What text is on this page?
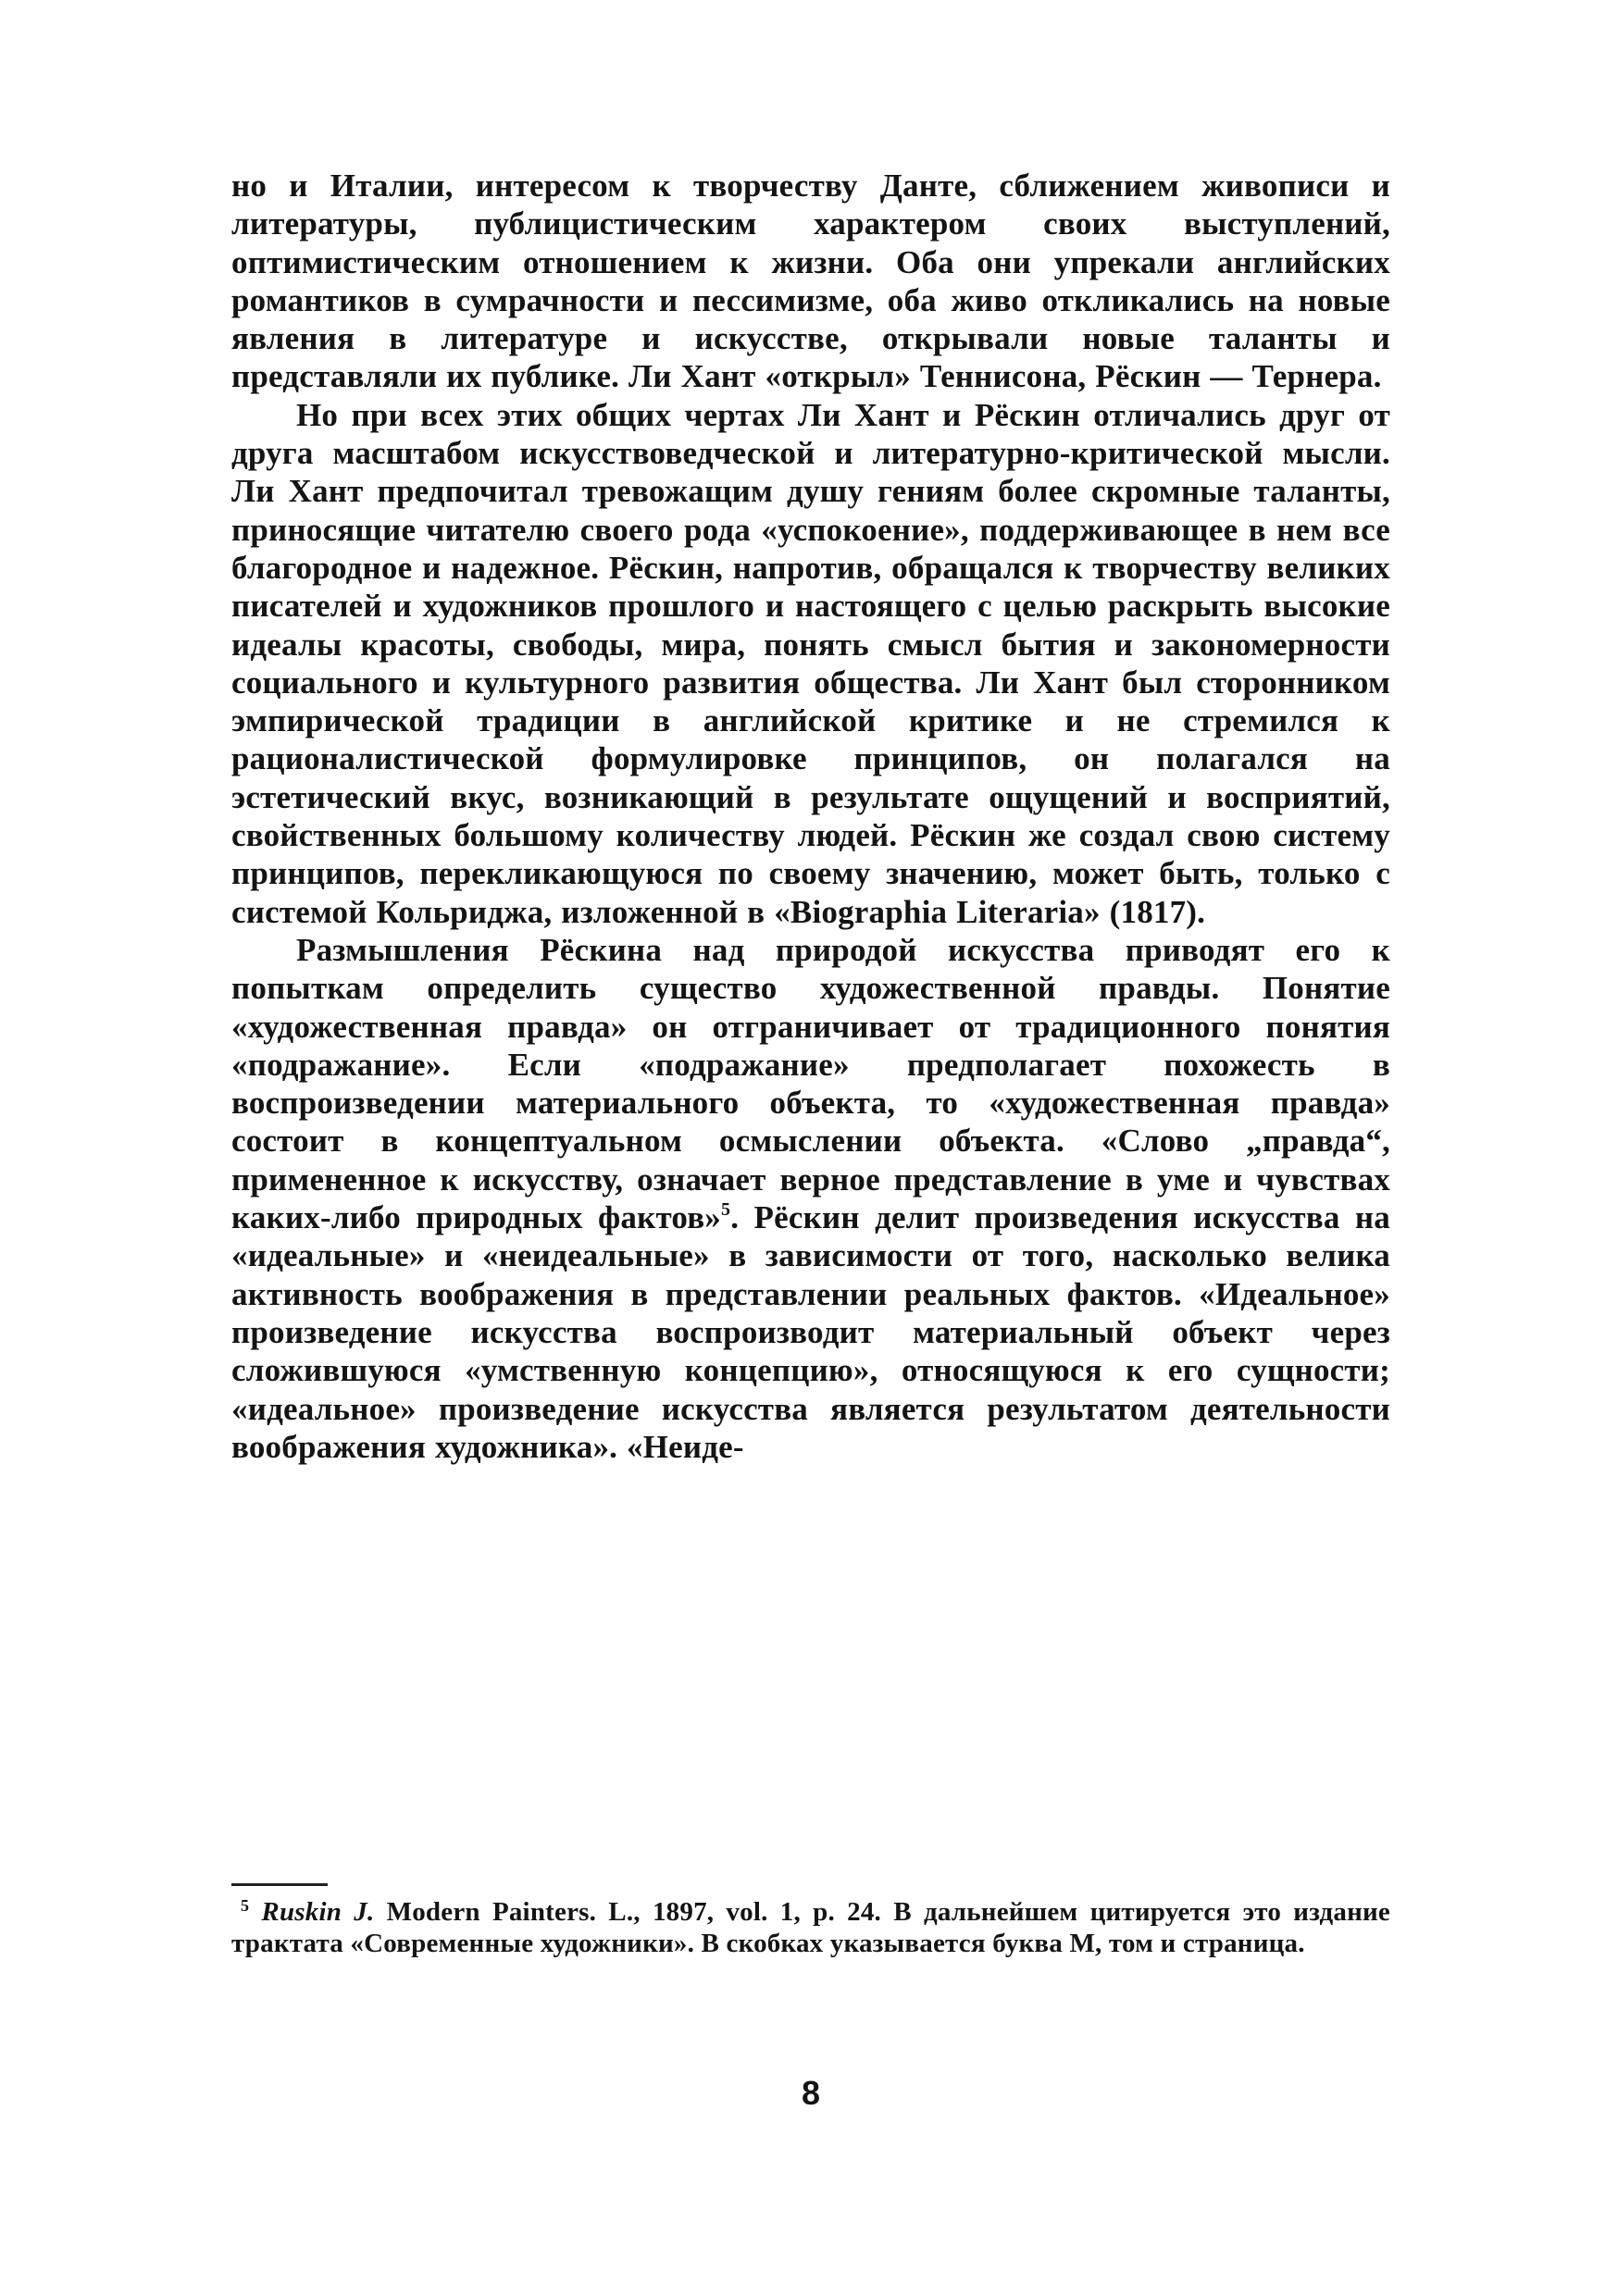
но и Италии, интересом к творчеству Данте, сближением живописи и литературы, публицистическим характером своих выступлений, оптимистическим отношением к жизни. Оба они упрекали английских романтиков в сумрачности и пессимизме, оба живо откликались на новые явления в литературе и искусстве, открывали новые таланты и представляли их публике. Ли Хант «открыл» Теннисона, Рёскин — Тернера.

Но при всех этих общих чертах Ли Хант и Рёскин отличались друг от друга масштабом искусствоведческой и литературно-критической мысли. Ли Хант предпочитал тревожащим душу гениям более скромные таланты, приносящие читателю своего рода «успокоение», поддерживающее в нем все благородное и надежное. Рёскин, напротив, обращался к творчеству великих писателей и художников прошлого и настоящего с целью раскрыть высокие идеалы красоты, свободы, мира, понять смысл бытия и закономерности социального и культурного развития общества. Ли Хант был сторонником эмпирической традиции в английской критике и не стремился к рационалистической формулировке принципов, он полагался на эстетический вкус, возникающий в результате ощущений и восприятий, свойственных большому количеству людей. Рёскин же создал свою систему принципов, перекликающуюся по своему значению, может быть, только с системой Кольриджа, изложенной в «Biographia Literaria» (1817).

Размышления Рёскина над природой искусства приводят его к попыткам определить существо художественной правды. Понятие «художественная правда» он отграничивает от традиционного понятия «подражание». Если «подражание» предполагает похожесть в воспроизведении материального объекта, то «художественная правда» состоит в концептуальном осмыслении объекта. «Слово „правда“, примененное к искусству, означает верное представление в уме и чувствах каких-либо природных фактов»$^5$. Рёскин делит произведения искусства на «идеальные» и «неидеальные» в зависимости от того, насколько велика активность воображения в представлении реальных фактов. «Идеальное» произведение искусства воспроизводит материальный объект через сложившуюся «умственную концепцию», относящуюся к его сущности; «идеальное» произведение искусства является результатом деятельности воображения художника». «Неиде-

$^5$ Ruskin J. Modern Painters. L., 1897, vol. 1, p. 24. В дальнейшем цитируется это издание трактата «Современные художники». В скобках указывается буква М, том и страница.
8
